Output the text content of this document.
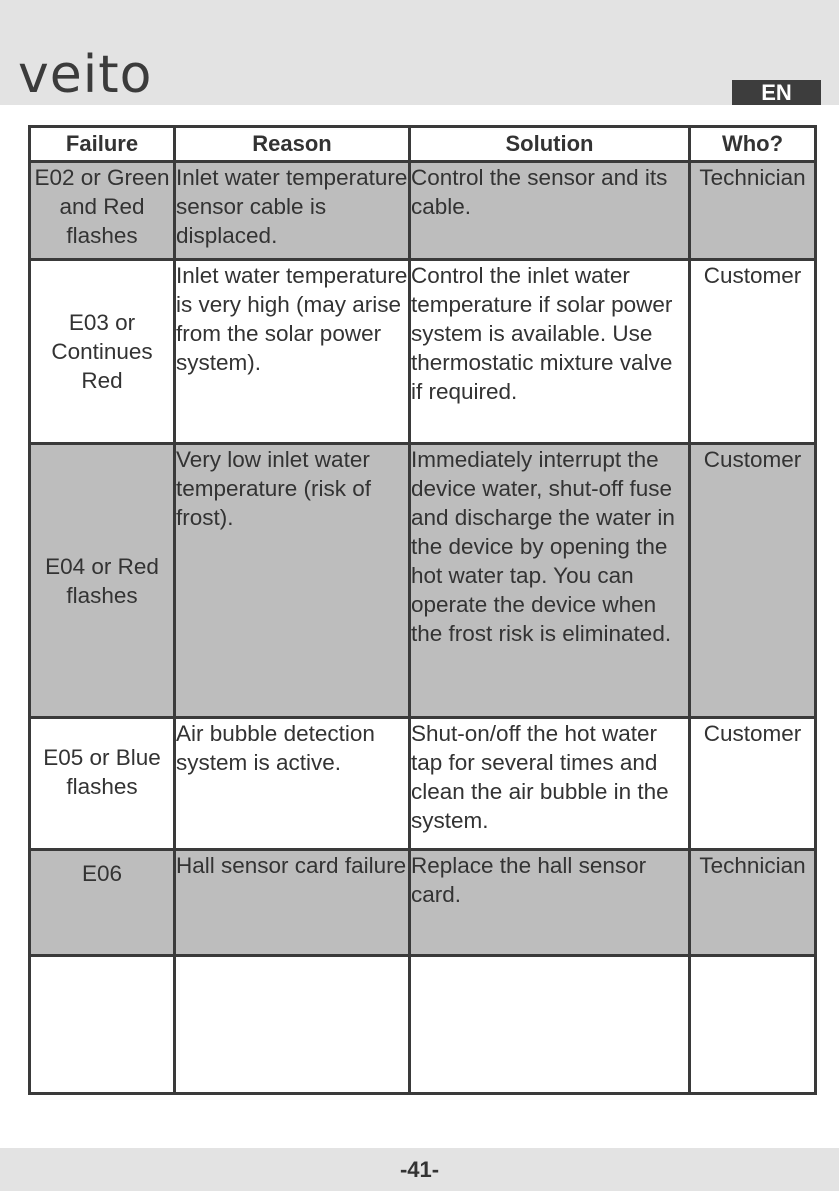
veito	EN
Failure	Reason	Solution	Who?
E02 or Green and Red flashes	Inlet water temperature sensor cable is displaced.	Control the sensor and its cable.	Technician
E03 or Continues Red	Inlet water temperature is very high (may arise from the solar power system).	Control the inlet water temperature if solar power system is available. Use thermostatic mixture valve if required.	Customer
E04 or Red flashes	Very low inlet water temperature (risk of frost).	Immediately interrupt the device water, shut-off fuse and discharge the water in the device by opening the hot water tap. You can operate the device when the frost risk is eliminated.	Customer
E05 or Blue flashes	Air bubble detection system is active.	Shut-on/off the hot water tap for several times and clean the air bubble in the system.	Customer
E06	Hall sensor card failure	Replace the hall sensor card.	Technician

-41-
